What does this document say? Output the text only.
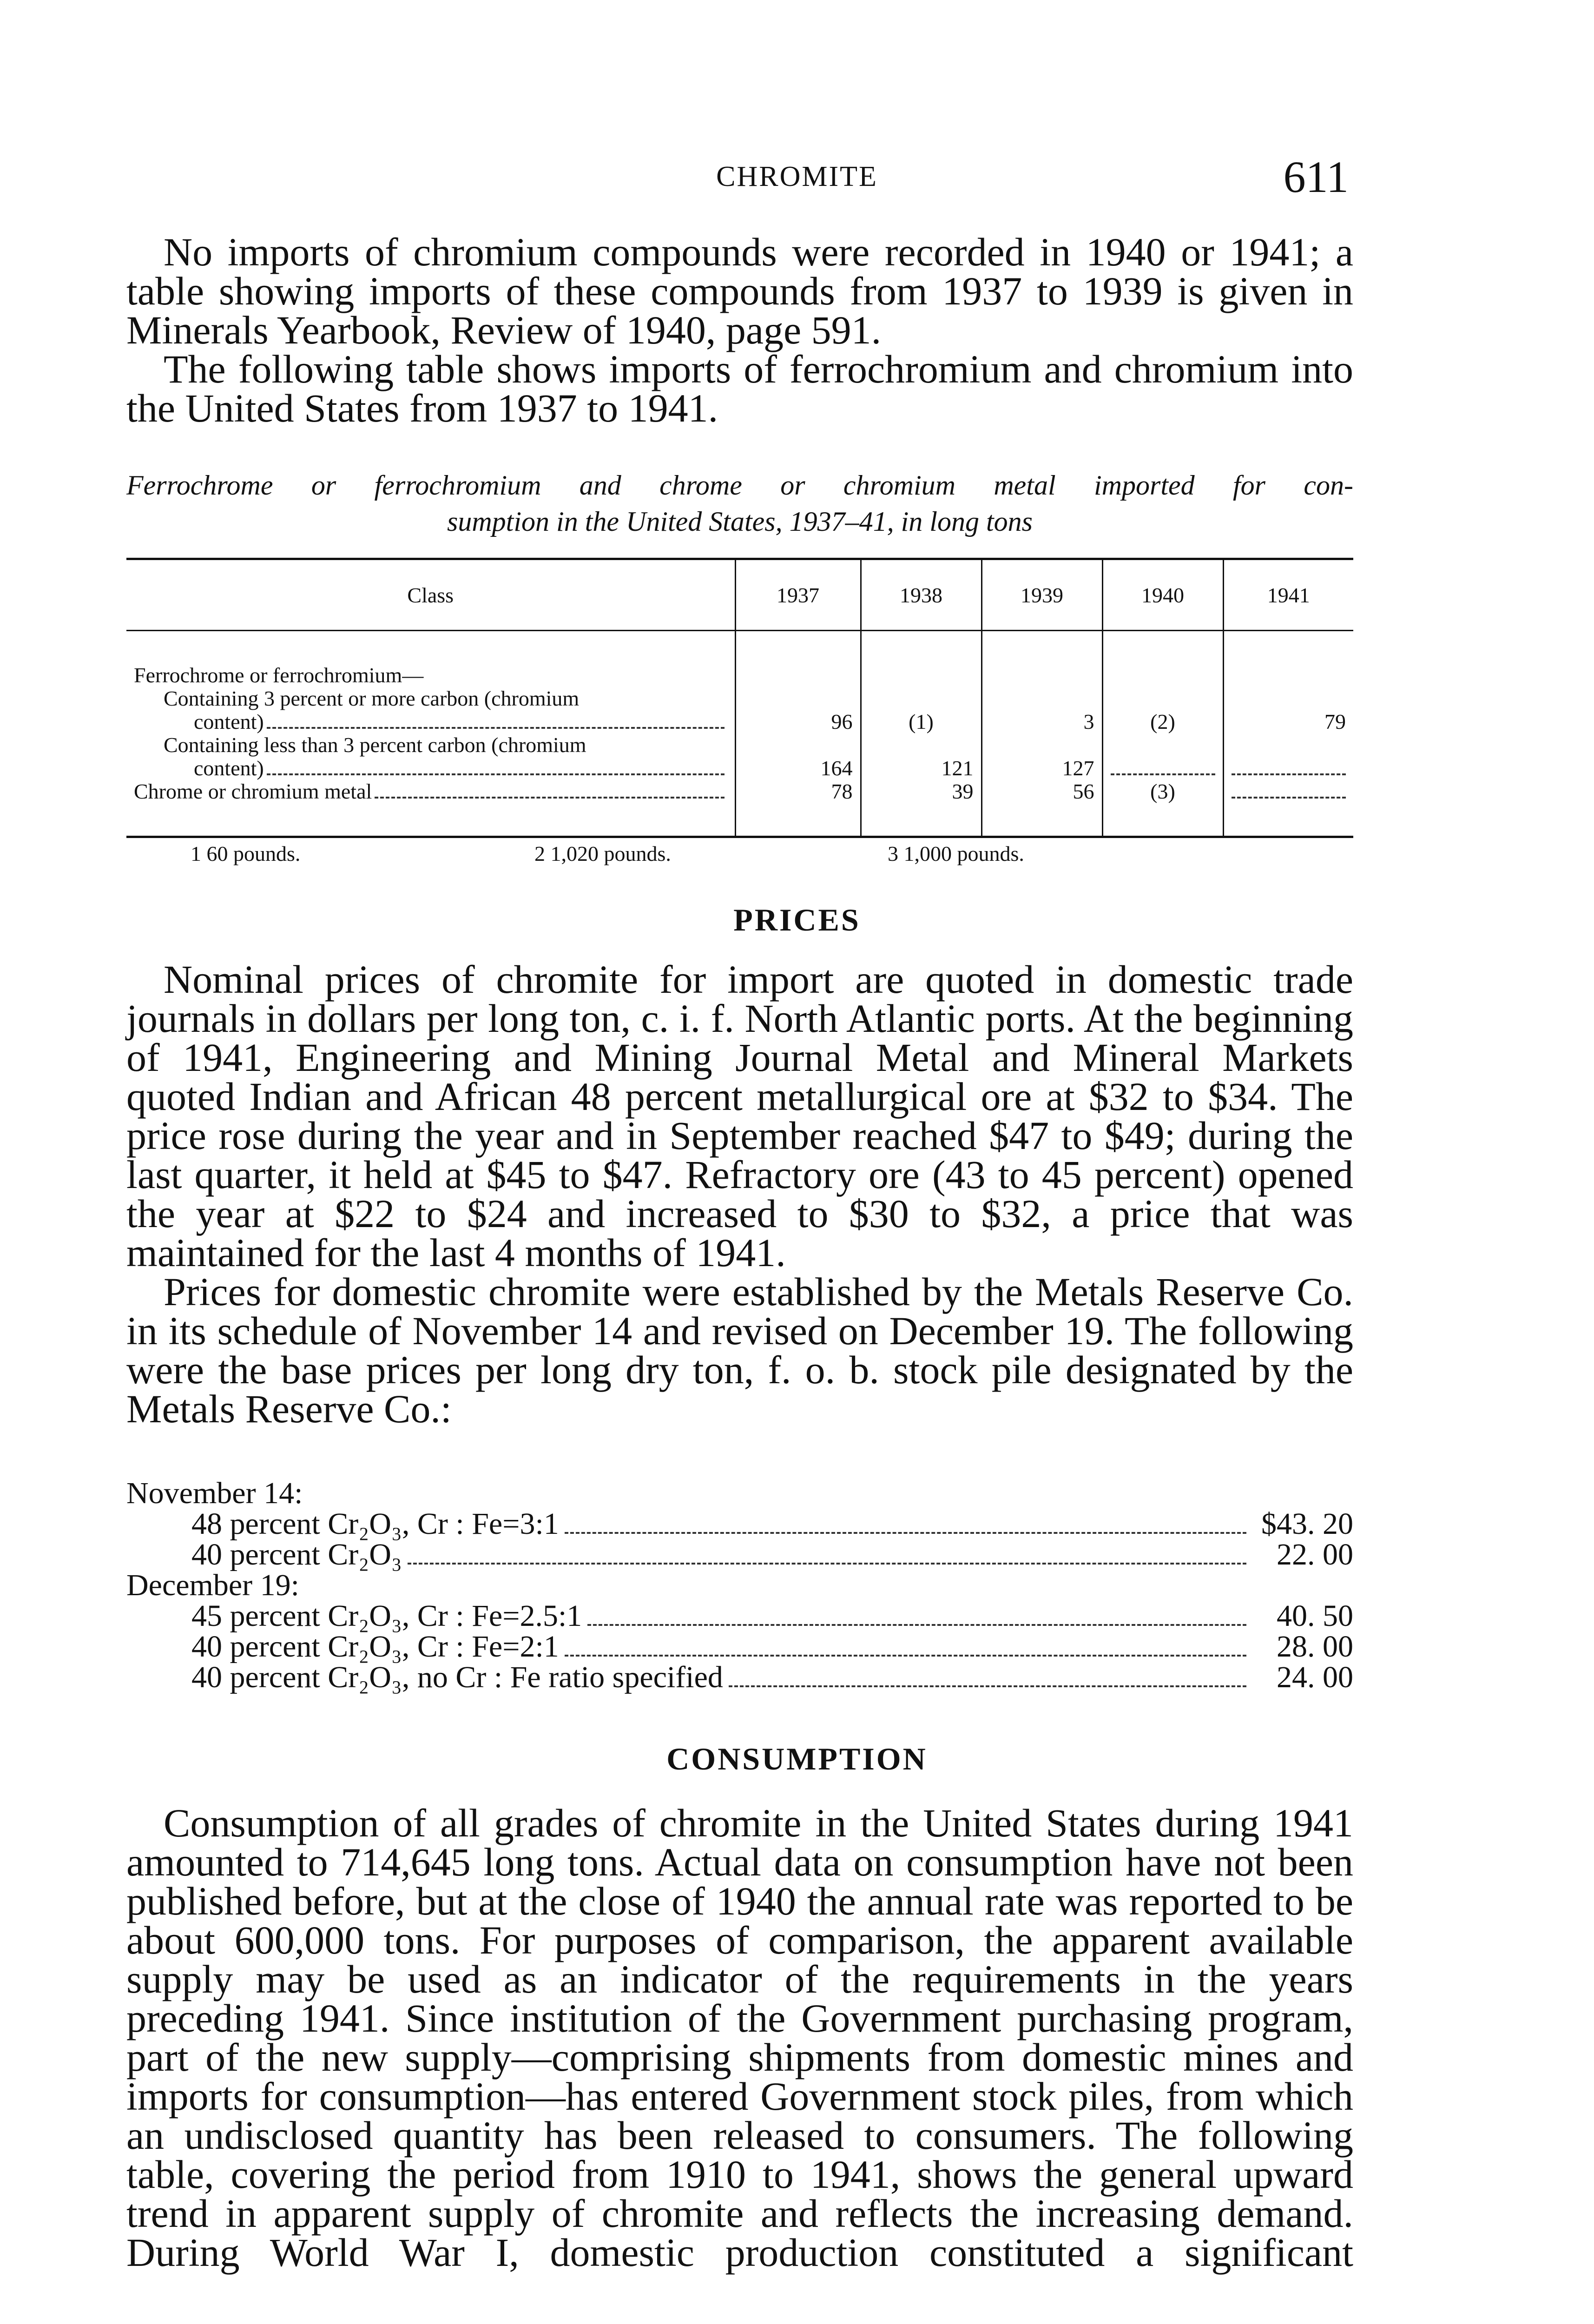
CHROMITE	611

No imports of chromium compounds were recorded in 1940 or 1941; a table showing imports of these compounds from 1937 to 1939 is given in Minerals Yearbook, Review of 1940, page 591.

The following table shows imports of ferrochromium and chromium into the United States from 1937 to 1941.

Ferrochrome or ferrochromium and chrome or chromium metal imported for con-
sumption in the United States, 1937–41, in long tons
Class	1937	1938	1939	1940	1941
Ferrochrome or ferrochromium—					

Containing 3 percent or more carbon (chromium
content)	96	(1)	3	(2)	79

Containing less than 3 percent carbon (chromium
content)	164	121	127		

Chrome or chromium metal	78	39	56	(3)	
1 60 pounds.	2 1,020 pounds.	3 1,000 pounds.
PRICES

Nominal prices of chromite for import are quoted in domestic trade journals in dollars per long ton, c. i. f. North Atlantic ports. At the beginning of 1941, Engineering and Mining Journal Metal and Mineral Markets quoted Indian and African 48 percent metallurgical ore at $32 to $34. The price rose during the year and in September reached $47 to $49; during the last quarter, it held at $45 to $47. Refractory ore (43 to 45 percent) opened the year at $22 to $24 and increased to $30 to $32, a price that was maintained for the last 4 months of 1941.

Prices for domestic chromite were established by the Metals Reserve Co. in its schedule of November 14 and revised on December 19. The following were the base prices per long dry ton, f. o. b. stock pile designated by the Metals Reserve Co.:

November 14:
48 percent Cr₂O₃, Cr : Fe=3:1	$43. 20
40 percent Cr₂O₃	22. 00
December 19:
45 percent Cr₂O₃, Cr : Fe=2.5:1	40. 50
40 percent Cr₂O₃, Cr : Fe=2:1	28. 00
40 percent Cr₂O₃, no Cr : Fe ratio specified	24. 00
CONSUMPTION

Consumption of all grades of chromite in the United States during 1941 amounted to 714,645 long tons. Actual data on consumption have not been published before, but at the close of 1940 the annual rate was reported to be about 600,000 tons. For purposes of comparison, the apparent available supply may be used as an indicator of the requirements in the years preceding 1941. Since institution of the Government purchasing program, part of the new supply—comprising shipments from domestic mines and imports for consumption—has entered Government stock piles, from which an undisclosed quantity has been released to consumers. The following table, covering the period from 1910 to 1941, shows the general upward trend in apparent supply of chromite and reflects the increasing demand. During World War I, domestic production constituted a significant
